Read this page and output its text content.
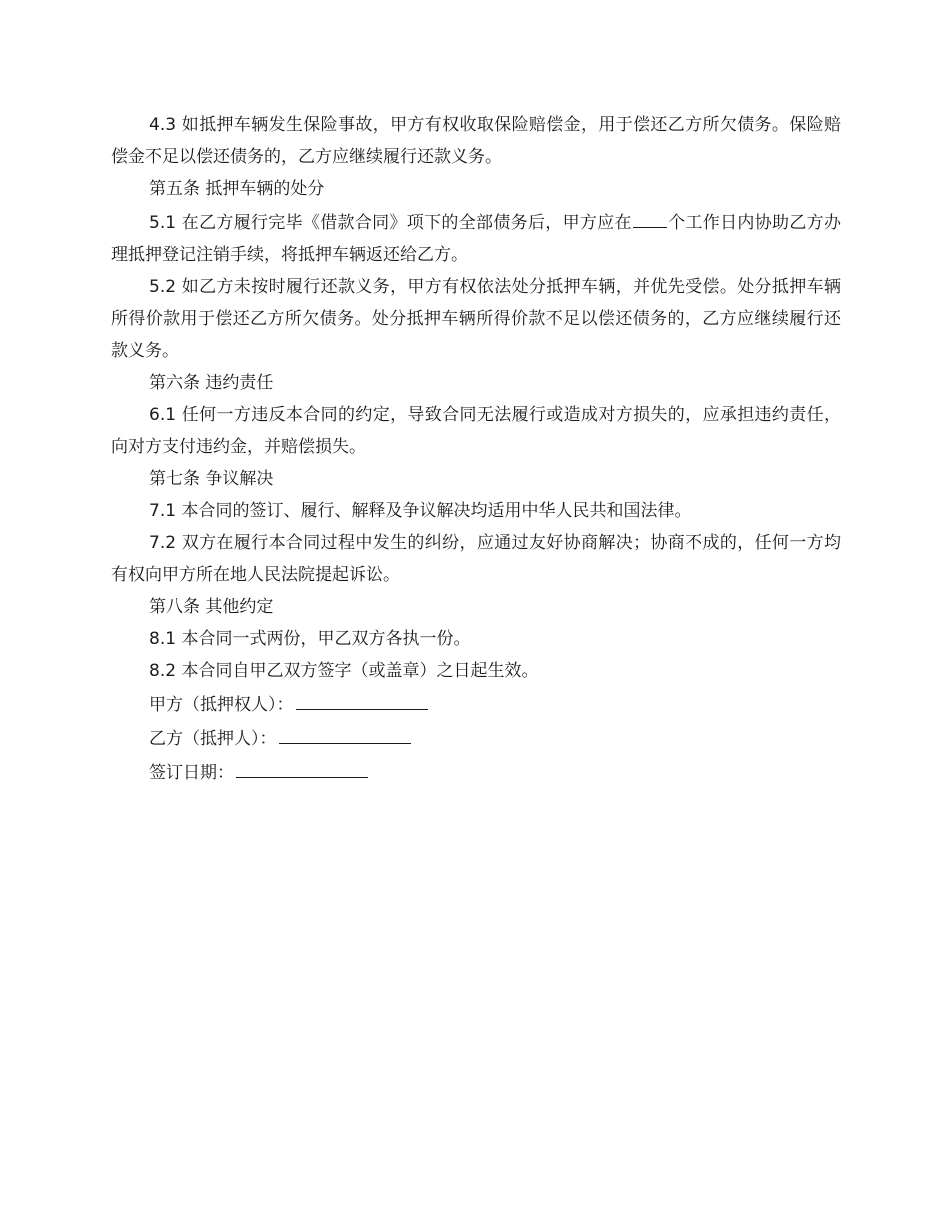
4.3 如抵押车辆发生保险事故，甲方有权收取保险赔偿金，用于偿还乙方所欠债务。保险赔偿金不足以偿还债务的，乙方应继续履行还款义务。

第五条 抵押车辆的处分

5.1 在乙方履行完毕《借款合同》项下的全部债务后，甲方应在 个工作日内协助乙方办理抵押登记注销手续，将抵押车辆返还给乙方。

5.2 如乙方未按时履行还款义务，甲方有权依法处分抵押车辆，并优先受偿。处分抵押车辆所得价款用于偿还乙方所欠债务。处分抵押车辆所得价款不足以偿还债务的，乙方应继续履行还款义务。

第六条 违约责任

6.1 任何一方违反本合同的约定，导致合同无法履行或造成对方损失的，应承担违约责任，向对方支付违约金，并赔偿损失。

第七条 争议解决

7.1 本合同的签订、履行、解释及争议解决均适用中华人民共和国法律。

7.2 双方在履行本合同过程中发生的纠纷，应通过友好协商解决；协商不成的，任何一方均有权向甲方所在地人民法院提起诉讼。

第八条 其他约定

8.1 本合同一式两份，甲乙双方各执一份。

8.2 本合同自甲乙双方签字（或盖章）之日起生效。

甲方（抵押权人）：

乙方（抵押人）：

签订日期：
